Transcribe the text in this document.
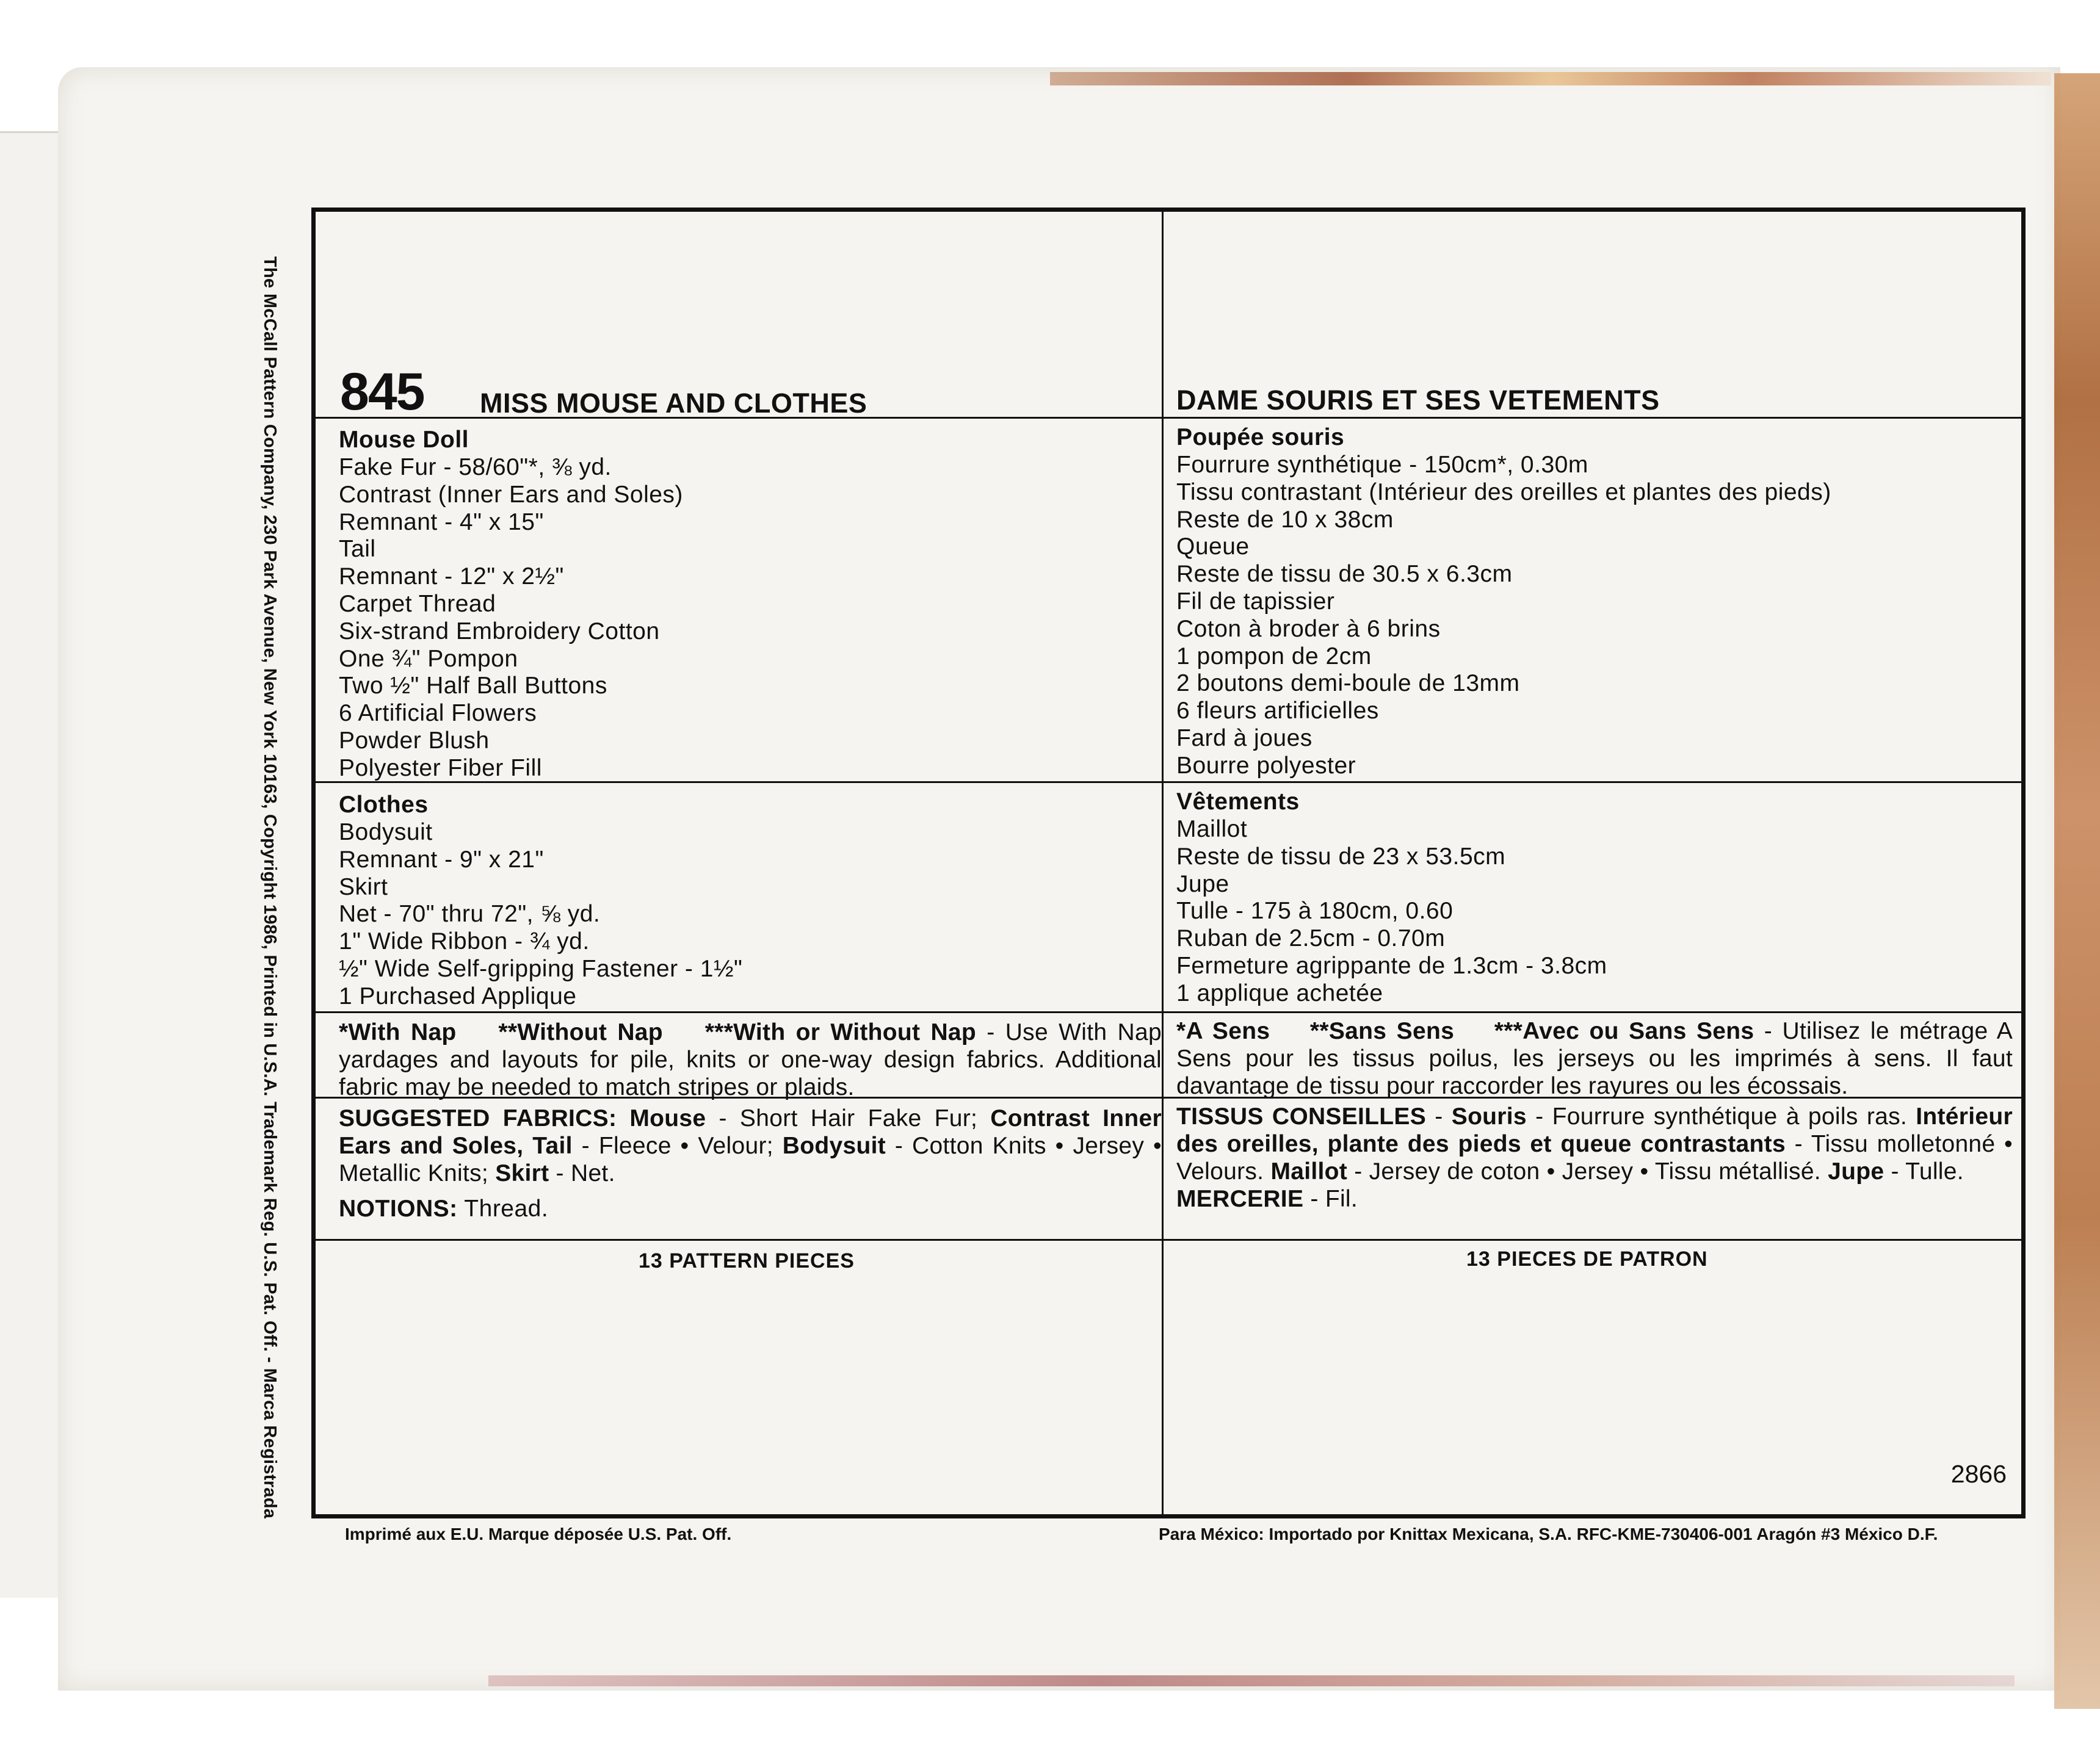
The McCall Pattern Company, 230 Park Avenue, New York 10163, Copyright 1986, Printed in U.S.A. Trademark Reg. U.S. Pat. Off. - Marca Registrada 845 MISS MOUSE AND CLOTHES
Mouse Doll
Fake Fur - 58/60"*, ⅜ yd.
Contrast (Inner Ears and Soles)
Remnant - 4" x 15"
Tail
Remnant - 12" x 2½"
Carpet Thread
Six-strand Embroidery Cotton
One ¾" Pompon
Two ½" Half Ball Buttons
6 Artificial Flowers
Powder Blush
Polyester Fiber Fill
Clothes
Bodysuit
Remnant - 9" x 21"
Skirt
Net - 70" thru 72", ⅝ yd.
1" Wide Ribbon - ¾ yd.
½" Wide Self-gripping Fastener - 1½"
1 Purchased Applique
*With Nap **Without Nap ***With or Without Nap - Use With Nap yardages and layouts for pile, knits or one-way design fabrics. Additional fabric may be needed to match stripes or plaids.
SUGGESTED FABRICS: Mouse - Short Hair Fake Fur; Contrast Inner Ears and Soles, Tail - Fleece • Velour; Bodysuit - Cotton Knits • Jersey • Metallic Knits; Skirt - Net.
NOTIONS: Thread.
13 PATTERN PIECES
DAME SOURIS ET SES VETEMENTS
Poupée souris
Fourrure synthétique - 150cm*, 0.30m
Tissu contrastant (Intérieur des oreilles et plantes des pieds)
Reste de 10 x 38cm
Queue
Reste de tissu de 30.5 x 6.3cm
Fil de tapissier
Coton à broder à 6 brins
1 pompon de 2cm
2 boutons demi-boule de 13mm
6 fleurs artificielles
Fard à joues
Bourre polyester
Vêtements
Maillot
Reste de tissu de 23 x 53.5cm
Jupe
Tulle - 175 à 180cm, 0.60
Ruban de 2.5cm - 0.70m
Fermeture agrippante de 1.3cm - 3.8cm
1 applique achetée
*A Sens **Sans Sens ***Avec ou Sans Sens - Utilisez le métrage A Sens pour les tissus poilus, les jerseys ou les imprimés à sens. Il faut davantage de tissu pour raccorder les rayures ou les écossais.
TISSUS CONSEILLES - Souris - Fourrure synthétique à poils ras. Intérieur des oreilles, plante des pieds et queue contrastants - Tissu molletonné • Velours. Maillot - Jersey de coton • Jersey • Tissu métallisé. Jupe - Tulle.
MERCERIE - Fil.
13 PIECES DE PATRON
2866
Imprimé aux E.U. Marque déposée U.S. Pat. Off.	Para México: Importado por Knittax Mexicana, S.A. RFC-KME-730406-001 Aragón #3 México D.F.
